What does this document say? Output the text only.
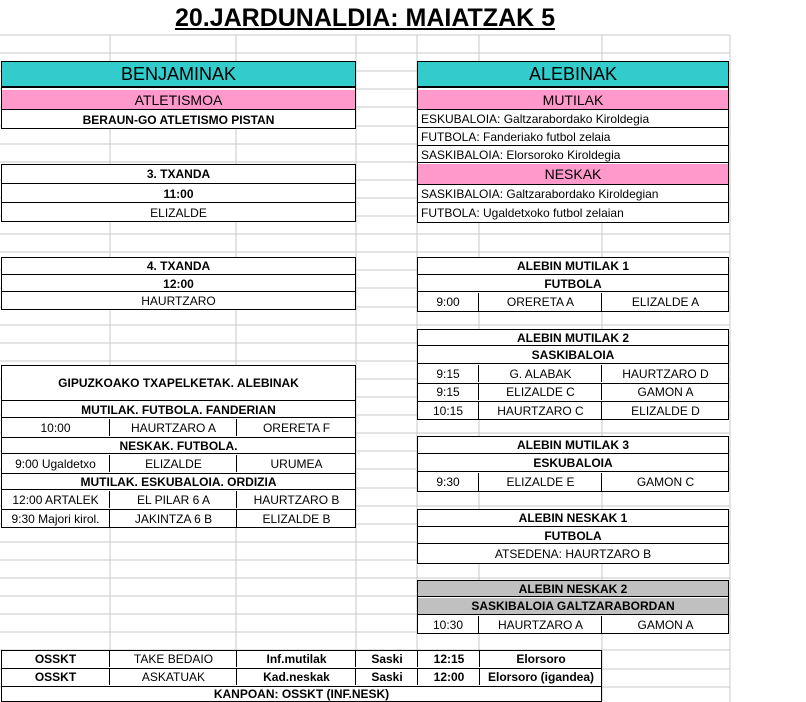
20.JARDUNALDIA: MAIATZAK 5
BENJAMINAK
ATLETISMOA
BERAUN-GO ATLETISMO PISTAN
3. TXANDA
11:00
ELIZALDE
4. TXANDA
12:00
HAURTZARO
ALEBINAK
MUTILAK
ESKUBALOIA: Galtzarabordako Kiroldegia
FUTBOLA: Fanderiako futbol zelaia
SASKIBALOIA: Elorsoroko Kiroldegia
NESKAK
SASKIBALOIA: Galtzarabordako Kiroldegian
FUTBOLA: Ugaldetxoko futbol zelaian
ALEBIN MUTILAK 1
FUTBOLA
9:00	ORERETA A	ELIZALDE A
ALEBIN MUTILAK 2
SASKIBALOIA
9:15	G. ALABAK	HAURTZARO D
9:15	ELIZALDE C	GAMON A
10:15	HAURTZARO C	ELIZALDE D
ALEBIN MUTILAK 3
ESKUBALOIA
9:30	ELIZALDE E	GAMON C
ALEBIN NESKAK 1
FUTBOLA
ATSEDENA: HAURTZARO B
ALEBIN NESKAK 2
SASKIBALOIA GALTZARABORDAN
10:30	HAURTZARO A	GAMON A
GIPUZKOAKO TXAPELKETAK. ALEBINAK
MUTILAK. FUTBOLA. FANDERIAN
10:00	HAURTZARO A	ORERETA F
NESKAK. FUTBOLA.
9:00 Ugaldetxo	ELIZALDE	URUMEA
MUTILAK. ESKUBALOIA. ORDIZIA
12:00 ARTALEK	EL PILAR 6 A	HAURTZARO B
9:30 Majori kirol.	JAKINTZA 6 B	ELIZALDE B
OSSKT	TAKE BEDAIO	Inf.mutilak	Saski	12:15	Elorsoro
OSSKT	ASKATUAK	Kad.neskak	Saski	12:00	Elorsoro (igandea)
KANPOAN: OSSKT (INF.NESK)
